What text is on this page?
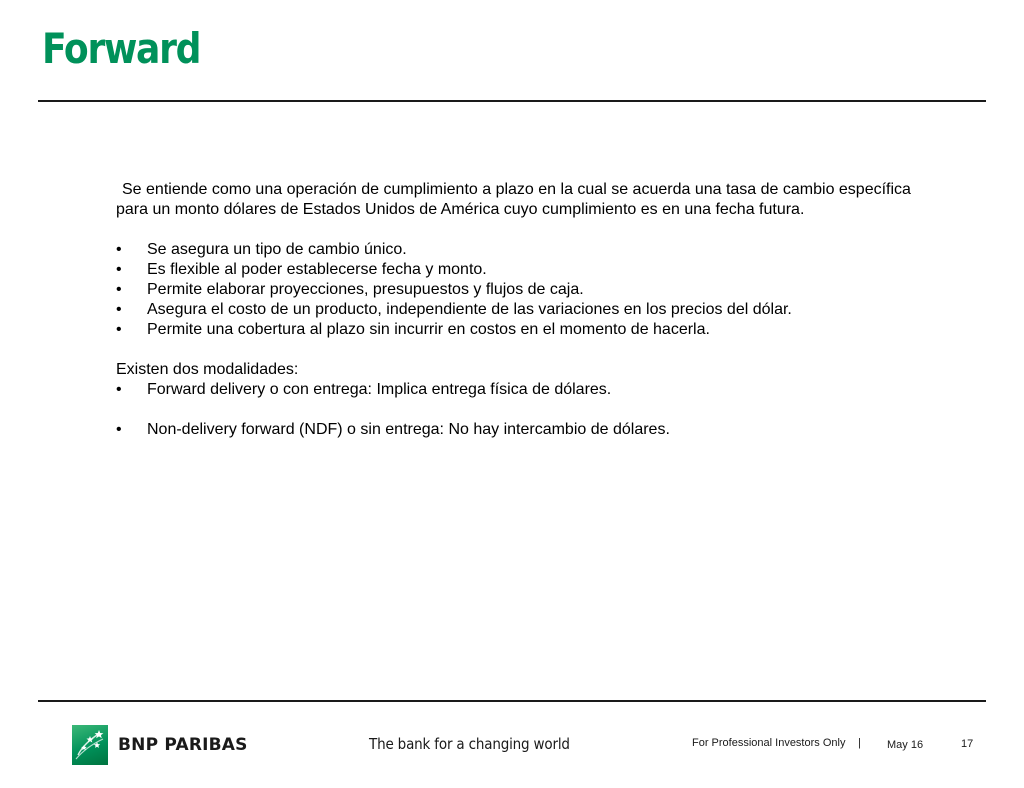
Forward

Se entiende como una operación de cumplimiento a plazo en la cual se acuerda una tasa de cambio específica para un monto dólares de Estados Unidos de América cuyo cumplimiento es en una fecha futura.

• Se asegura un tipo de cambio único.
• Es flexible al poder establecerse fecha y monto.
• Permite elaborar proyecciones, presupuestos y flujos de caja.
• Asegura el costo de un producto, independiente de las variaciones en los precios del dólar.
• Permite una cobertura al plazo sin incurrir en costos en el momento de hacerla.

Existen dos modalidades:

• Forward delivery o con entrega: Implica entrega física de dólares.
• Non-delivery forward (NDF) o sin entrega: No hay intercambio de dólares.
BNP PARIBAS	The bank for a changing world	For Professional Investors Only | May 16	17
